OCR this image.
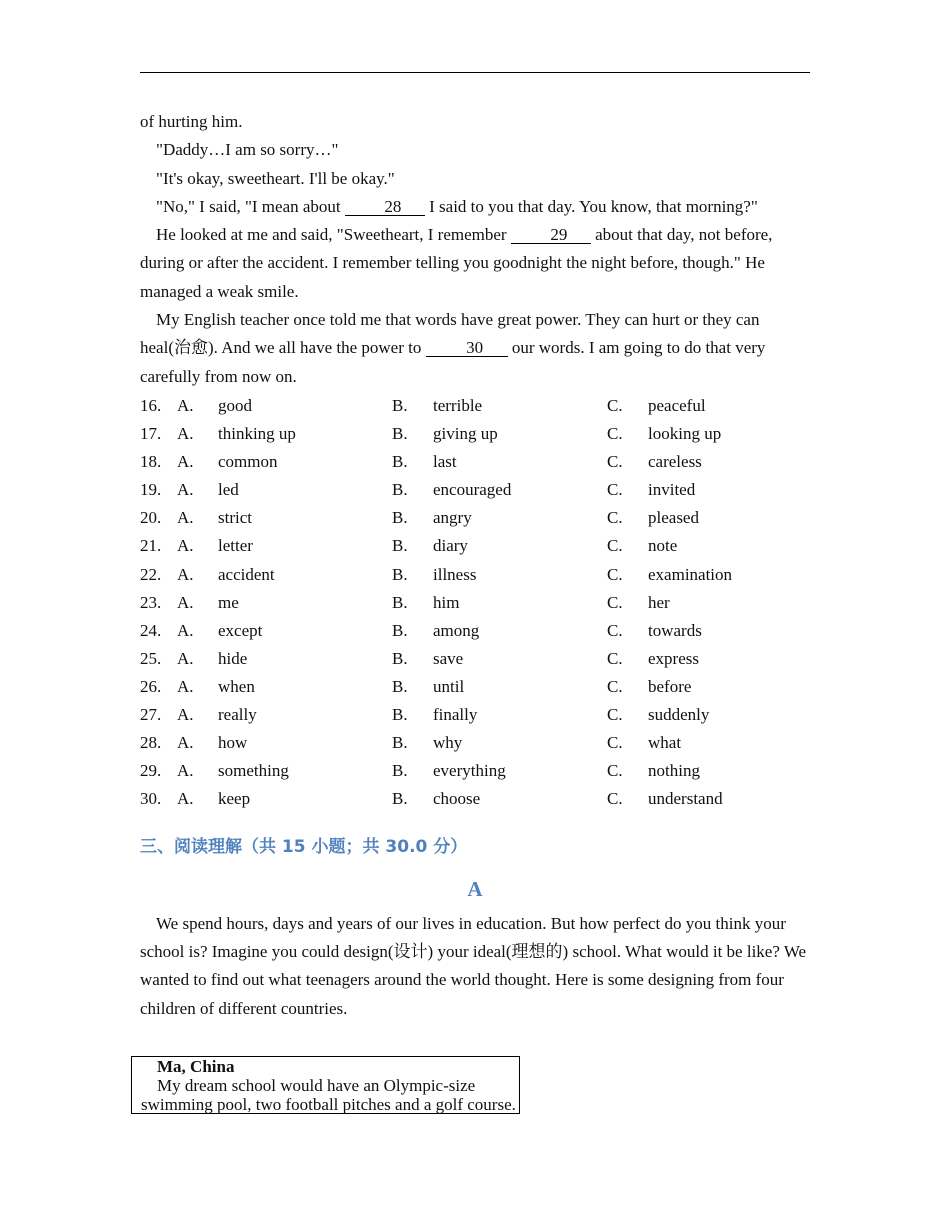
of hurting him.

"Daddy…I am so sorry…"

"It's okay, sweetheart. I'll be okay."

"No," I said, "I mean about 28 I said to you that day. You know, that morning?"

He looked at me and said, "Sweetheart, I remember 29 about that day, not before, during or after the accident. I remember telling you goodnight the night before, though." He managed a weak smile.

My English teacher once told me that words have great power. They can hurt or they can heal(治愈). And we all have the power to 30 our words. I am going to do that very carefully from now on.

16. A. good	B. terrible	C. peaceful
17. A. thinking up	B. giving up	C. looking up
18. A. common	B. last	C. careless
19. A. led	B. encouraged	C. invited
20. A. strict	B. angry	C. pleased
21. A. letter	B. diary	C. note
22. A. accident	B. illness	C. examination
23. A. me	B. him	C. her
24. A. except	B. among	C. towards
25. A. hide	B. save	C. express
26. A. when	B. until	C. before
27. A. really	B. finally	C. suddenly
28. A. how	B. why	C. what
29. A. something	B. everything	C. nothing
30. A. keep	B. choose	C. understand
三、阅读理解（共 15 小题；共 30.0 分）
A

We spend hours, days and years of our lives in education. But how perfect do you think your school is? Imagine you could design(设计) your ideal(理想的) school. What would it be like? We wanted to find out what teenagers around the world thought. Here is some designing from four children of different countries.

Ma, China
My dream school would have an Olympic-size swimming pool, two football pitches and a golf course.
